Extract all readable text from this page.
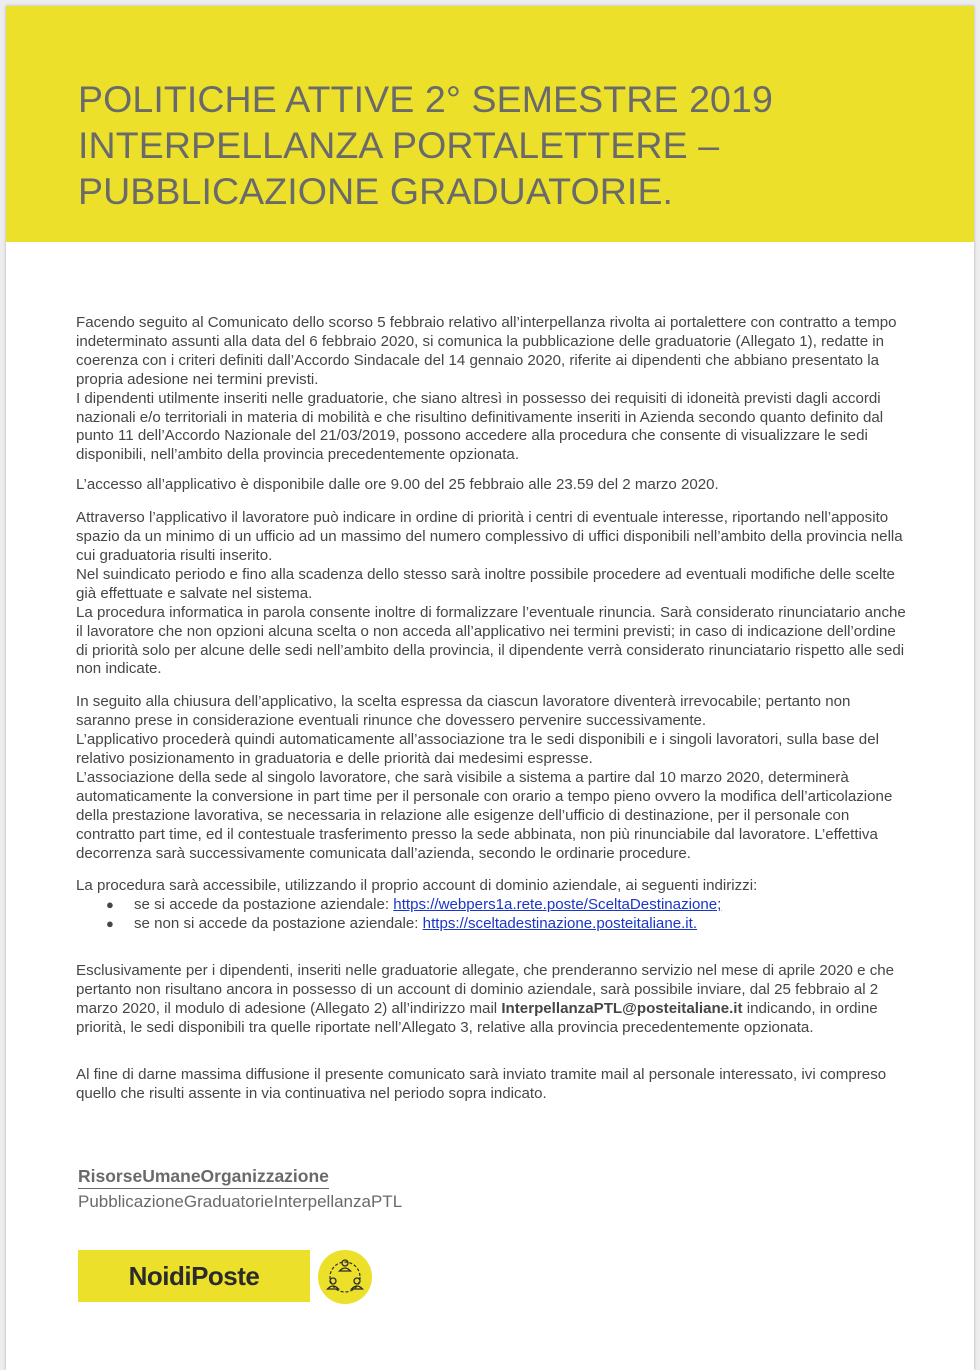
POLITICHE ATTIVE 2° SEMESTRE 2019
INTERPELLANZA PORTALETTERE –
PUBBLICAZIONE GRADUATORIE.

Facendo seguito al Comunicato dello scorso 5 febbraio relativo all’interpellanza rivolta ai portalettere con contratto a tempo indeterminato assunti alla data del 6 febbraio 2020, si comunica la pubblicazione delle graduatorie (Allegato 1), redatte in coerenza con i criteri definiti dall’Accordo Sindacale del 14 gennaio 2020, riferite ai dipendenti che abbiano presentato la propria adesione nei termini previsti.

I dipendenti utilmente inseriti nelle graduatorie, che siano altresì in possesso dei requisiti di idoneità previsti dagli accordi nazionali e/o territoriali in materia di mobilità e che risultino definitivamente inseriti in Azienda secondo quanto definito dal punto 11 dell’Accordo Nazionale del 21/03/2019, possono accedere alla procedura che consente di visualizzare le sedi disponibili, nell’ambito della provincia precedentemente opzionata.

L’accesso all’applicativo è disponibile dalle ore 9.00 del 25 febbraio alle 23.59 del 2 marzo 2020.

Attraverso l’applicativo il lavoratore può indicare in ordine di priorità i centri di eventuale interesse, riportando nell’apposito spazio da un minimo di un ufficio ad un massimo del numero complessivo di uffici disponibili nell’ambito della provincia nella cui graduatoria risulti inserito.

Nel suindicato periodo e fino alla scadenza dello stesso sarà inoltre possibile procedere ad eventuali modifiche delle scelte già effettuate e salvate nel sistema.

La procedura informatica in parola consente inoltre di formalizzare l’eventuale rinuncia. Sarà considerato rinunciatario anche il lavoratore che non opzioni alcuna scelta o non acceda all’applicativo nei termini previsti; in caso di indicazione dell’ordine di priorità solo per alcune delle sedi nell’ambito della provincia, il dipendente verrà considerato rinunciatario rispetto alle sedi non indicate.

In seguito alla chiusura dell’applicativo, la scelta espressa da ciascun lavoratore diventerà irrevocabile; pertanto non saranno prese in considerazione eventuali rinunce che dovessero pervenire successivamente.

L’applicativo procederà quindi automaticamente all’associazione tra le sedi disponibili e i singoli lavoratori, sulla base del relativo posizionamento in graduatoria e delle priorità dai medesimi espresse.

L’associazione della sede al singolo lavoratore, che sarà visibile a sistema a partire dal 10 marzo 2020, determinerà automaticamente la conversione in part time per il personale con orario a tempo pieno ovvero la modifica dell’articolazione della prestazione lavorativa, se necessaria in relazione alle esigenze dell’ufficio di destinazione, per il personale con contratto part time, ed il contestuale trasferimento presso la sede abbinata, non più rinunciabile dal lavoratore. L’effettiva decorrenza sarà successivamente comunicata dall’azienda, secondo le ordinarie procedure.

La procedura sarà accessibile, utilizzando il proprio account di dominio aziendale, ai seguenti indirizzi:

● se si accede da postazione aziendale: https://webpers1a.rete.poste/SceltaDestinazione;
● se non si accede da postazione aziendale: https://sceltadestinazione.posteitaliane.it.

Esclusivamente per i dipendenti, inseriti nelle graduatorie allegate, che prenderanno servizio nel mese di aprile 2020 e che pertanto non risultano ancora in possesso di un account di dominio aziendale, sarà possibile inviare, dal 25 febbraio al 2 marzo 2020, il modulo di adesione (Allegato 2) all’indirizzo mail InterpellanzaPTL@posteitaliane.it indicando, in ordine priorità, le sedi disponibili tra quelle riportate nell’Allegato 3, relative alla provincia precedentemente opzionata.

Al fine di darne massima diffusione il presente comunicato sarà inviato tramite mail al personale interessato, ivi compreso quello che risulti assente in via continuativa nel periodo sopra indicato.

RisorseUmaneOrganizzazione
PubblicazioneGraduatorieInterpellanzaPTL
NoidiPoste
